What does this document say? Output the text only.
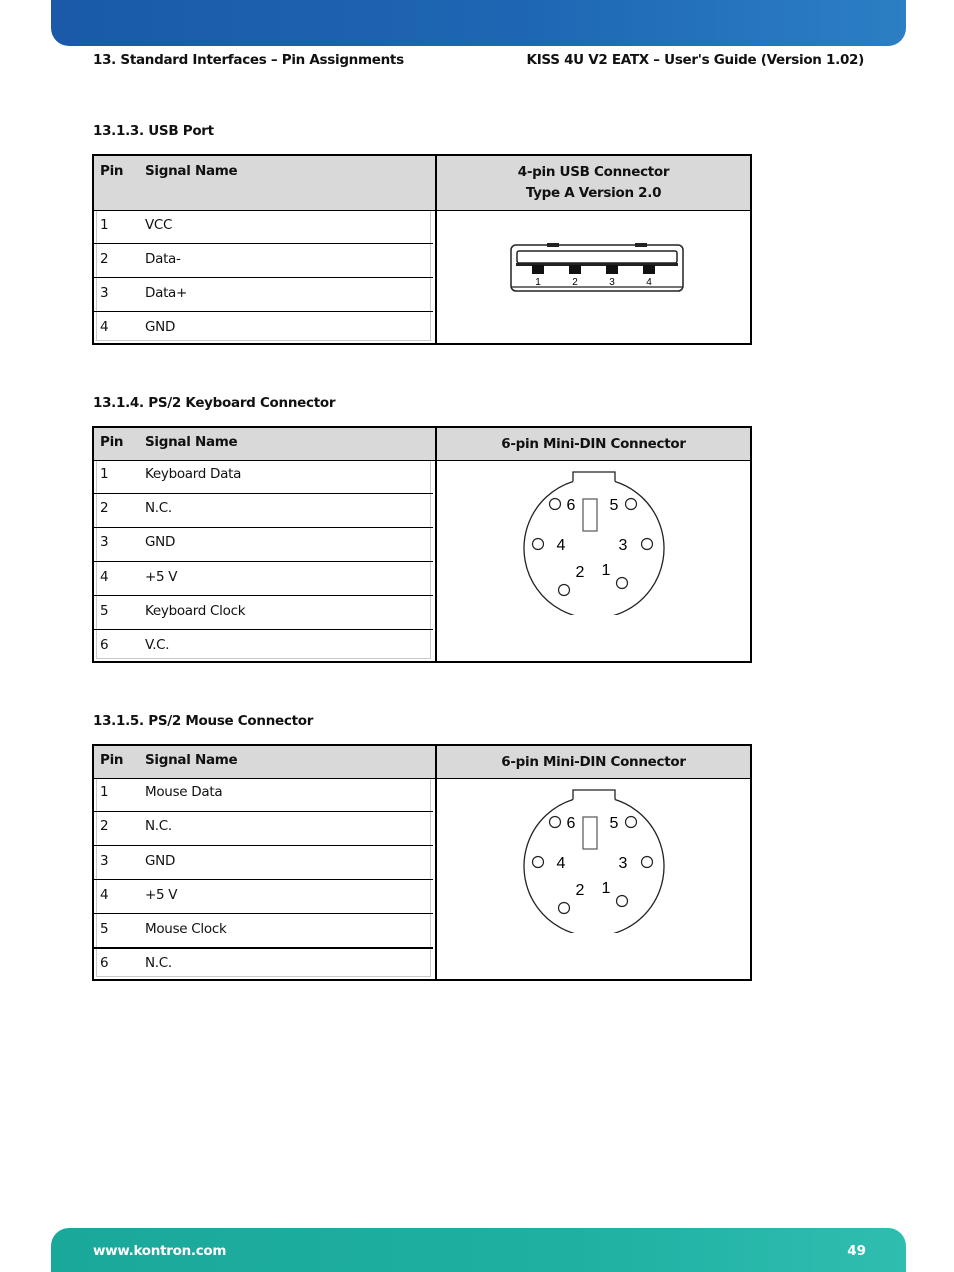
13. Standard Interfaces – Pin Assignments	KISS 4U V2 EATX – User's Guide (Version 1.02)
13.1.3. USB Port
Pin Signal Name	4-pin USB Connector
Type A Version 2.0
1	VCC
2	Data-
3	Data+
4	GND
1	2	3	4
13.1.4. PS/2 Keyboard Connector
Pin Signal Name	6-pin Mini-DIN Connector
1	Keyboard Data
2	N.C.
3	GND
4	+5 V
5	Keyboard Clock
6	V.C.
6 5
4	3
2 1
13.1.5. PS/2 Mouse Connector
Pin Signal Name	6-pin Mini-DIN Connector
1	Mouse Data
2	N.C.
3	GND
4	+5 V
5	Mouse Clock
6	N.C.
6 5
4	3
2 1
www.kontron.com	49
